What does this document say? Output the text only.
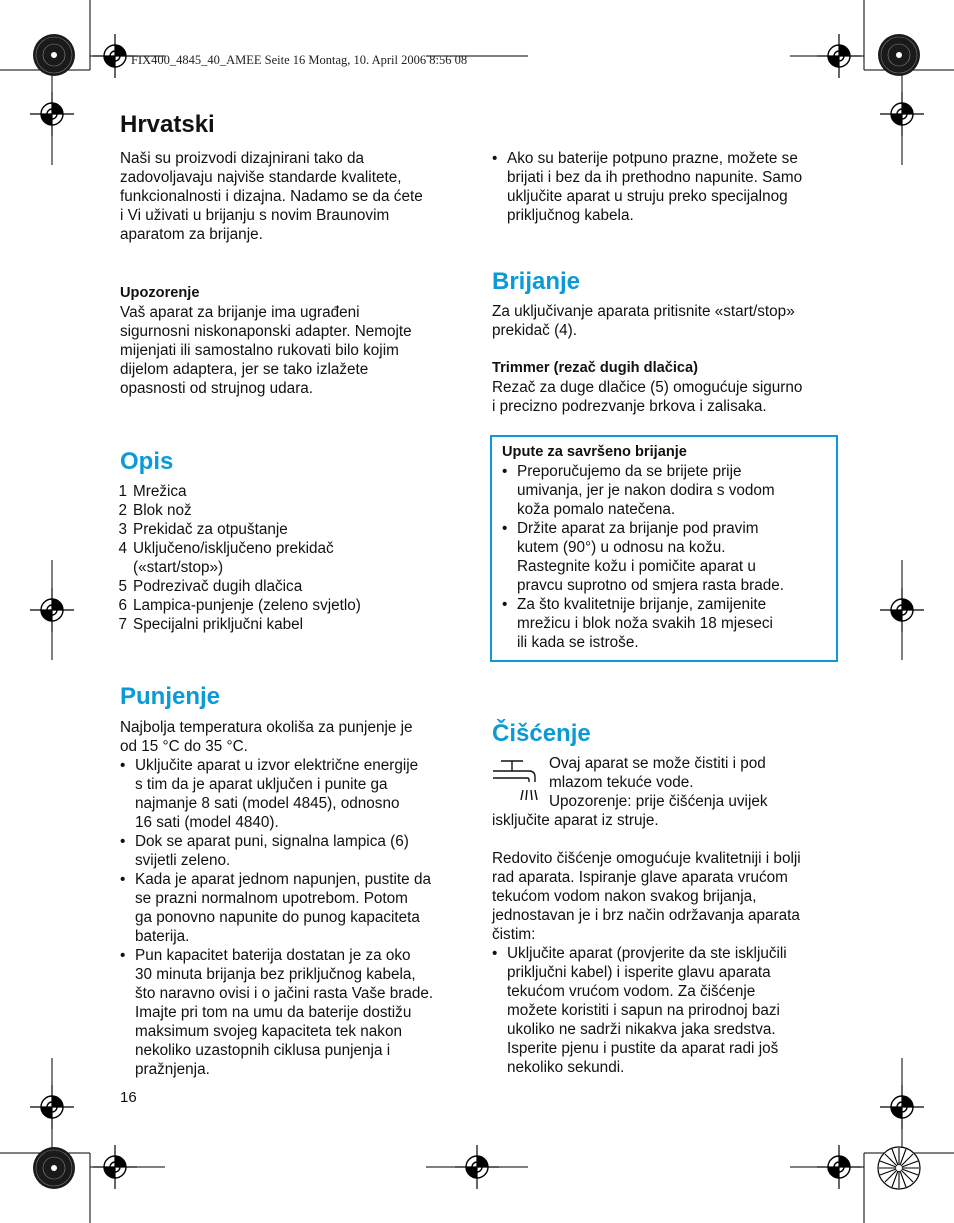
FIX400_4845_40_AMEE Seite 16 Montag, 10. April 2006 8:56 08
Hrvatski
Naši su proizvodi dizajnirani tako da
zadovoljavaju najviše standarde kvalitete,
funkcionalnosti i dizajna. Nadamo se da ćete
i Vi uživati u brijanju s novim Braunovim
aparatom za brijanje.

Upozorenje

Vaš aparat za brijanje ima ugrađeni
sigurnosni niskonaponski adapter. Nemojte
mijenjati ili samostalno rukovati bilo kojim
dijelom adaptera, jer se tako izlažete
opasnosti od strujnog udara.
Opis
1 Mrežica
2 Blok nož
3 Prekidač za otpuštanje
4 Uključeno/isključeno prekidač
(«start/stop»)
5 Podrezivač dugih dlačica
6 Lampica-punjenje (zeleno svjetlo)
7 Specijalni priključni kabel
Punjenje
Najbolja temperatura okoliša za punjenje je
od 15 °C do 35 °C.
• Uključite aparat u izvor električne energije
s tim da je aparat uključen i punite ga
najmanje 8 sati (model 4845), odnosno
16 sati (model 4840).
• Dok se aparat puni, signalna lampica (6)
svijetli zeleno.
• Kada je aparat jednom napunjen, pustite da
se prazni normalnom upotrebom. Potom
ga ponovno napunite do punog kapaciteta
baterija.
• Pun kapacitet baterija dostatan je za oko
30 minuta brijanja bez priključnog kabela,
što naravno ovisi i o jačini rasta Vaše brade.
Imajte pri tom na umu da baterije dostižu
maksimum svojeg kapaciteta tek nakon
nekoliko uzastopnih ciklusa punjenja i
pražnjenja.
16
• Ako su baterije potpuno prazne, možete se
brijati i bez da ih prethodno napunite. Samo
uključite aparat u struju preko specijalnog
priključnog kabela.
Brijanje
Za uključivanje aparata pritisnite «start/stop»
prekidač (4).

Trimmer (rezač dugih dlačica)

Rezač za duge dlačice (5) omogućuje sigurno
i precizno podrezvanje brkova i zalisaka.

Upute za savršeno brijanje

• Preporučujemo da se brijete prije
umivanja, jer je nakon dodira s vodom
koža pomalo natečena.
• Držite aparat za brijanje pod pravim
kutem (90°) u odnosu na kožu.
Rastegnite kožu i pomičite aparat u
pravcu suprotno od smjera rasta brade.
• Za što kvalitetnije brijanje, zamijenite
mrežicu i blok noža svakih 18 mjeseci
ili kada se istroše.
Čišćenje
Ovaj aparat se može čistiti i pod
mlazom tekuće vode.
Upozorenje: prije čišćenja uvijek
isključite aparat iz struje.
Redovito čišćenje omogućuje kvalitetniji i bolji
rad aparata. Ispiranje glave aparata vrućom
tekućom vodom nakon svakog brijanja,
jednostavan je i brz način održavanja aparata
čistim:
• Uključite aparat (provjerite da ste isključili
priključni kabel) i isperite glavu aparata
tekućom vrućom vodom. Za čišćenje
možete koristiti i sapun na prirodnoj bazi
ukoliko ne sadrži nikakva jaka sredstva.
Isperite pjenu i pustite da aparat radi još
nekoliko sekundi.
